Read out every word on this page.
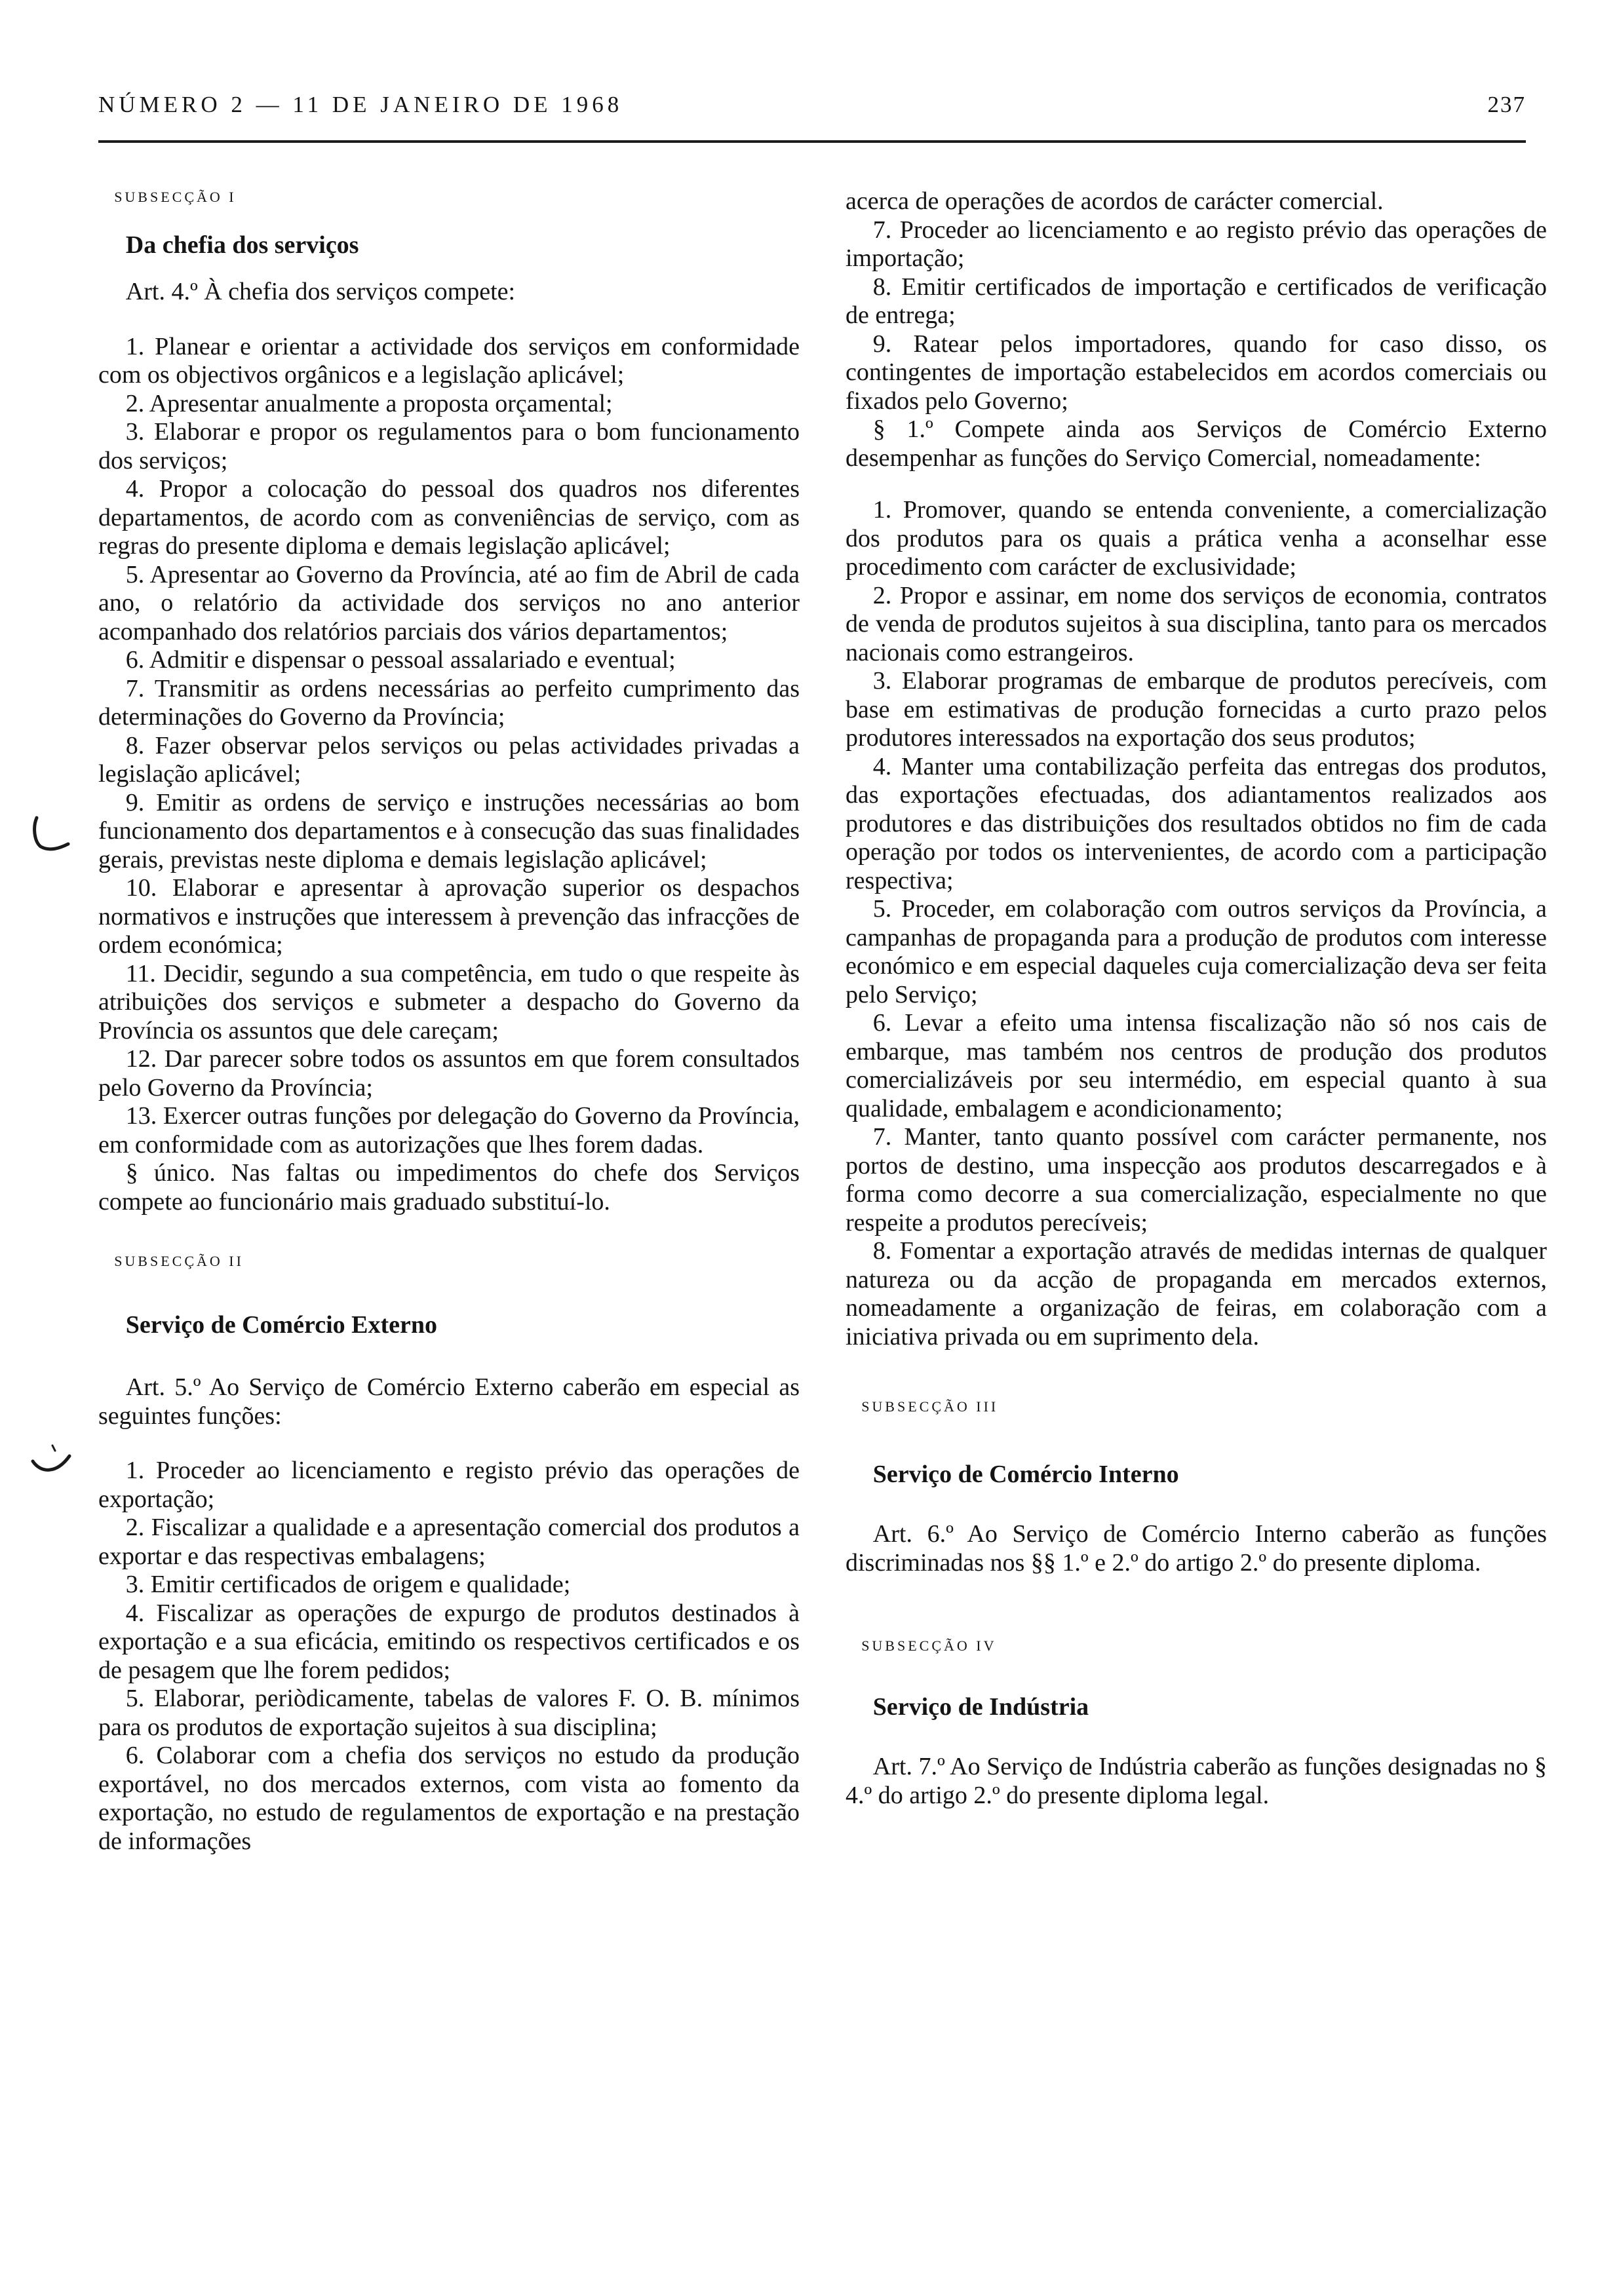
NÚMERO 2 — 11 DE JANEIRO DE 1968	237

SUBSECÇÃO I

Da chefia dos serviços

Art. 4.º À chefia dos serviços compete:

1. Planear e orientar a actividade dos serviços em conformidade com os objectivos orgânicos e a legislação aplicável;

2. Apresentar anualmente a proposta orçamental;

3. Elaborar e propor os regulamentos para o bom funcionamento dos serviços;

4. Propor a colocação do pessoal dos quadros nos diferentes departamentos, de acordo com as conveniências de serviço, com as regras do presente diploma e demais legislação aplicável;

5. Apresentar ao Governo da Província, até ao fim de Abril de cada ano, o relatório da actividade dos serviços no ano anterior acompanhado dos relatórios parciais dos vários departamentos;

6. Admitir e dispensar o pessoal assalariado e eventual;

7. Transmitir as ordens necessárias ao perfeito cumprimento das determinações do Governo da Província;

8. Fazer observar pelos serviços ou pelas actividades privadas a legislação aplicável;

9. Emitir as ordens de serviço e instruções necessárias ao bom funcionamento dos departamentos e à consecução das suas finalidades gerais, previstas neste diploma e demais legislação aplicável;

10. Elaborar e apresentar à aprovação superior os despachos normativos e instruções que interessem à prevenção das infracções de ordem económica;

11. Decidir, segundo a sua competência, em tudo o que respeite às atribuições dos serviços e submeter a despacho do Governo da Província os assuntos que dele careçam;

12. Dar parecer sobre todos os assuntos em que forem consultados pelo Governo da Província;

13. Exercer outras funções por delegação do Governo da Província, em conformidade com as autorizações que lhes forem dadas.

§ único. Nas faltas ou impedimentos do chefe dos Serviços compete ao funcionário mais graduado substituí-lo.

SUBSECÇÃO II

Serviço de Comércio Externo

Art. 5.º Ao Serviço de Comércio Externo caberão em especial as seguintes funções:

1. Proceder ao licenciamento e registo prévio das operações de exportação;

2. Fiscalizar a qualidade e a apresentação comercial dos produtos a exportar e das respectivas embalagens;

3. Emitir certificados de origem e qualidade;

4. Fiscalizar as operações de expurgo de produtos destinados à exportação e a sua eficácia, emitindo os respectivos certificados e os de pesagem que lhe forem pedidos;

5. Elaborar, periòdicamente, tabelas de valores F. O. B. mínimos para os produtos de exportação sujeitos à sua disciplina;

6. Colaborar com a chefia dos serviços no estudo da produção exportável, no dos mercados externos, com vista ao fomento da exportação, no estudo de regulamentos de exportação e na prestação de informações

acerca de operações de acordos de carácter comercial.

7. Proceder ao licenciamento e ao registo prévio das operações de importação;

8. Emitir certificados de importação e certificados de verificação de entrega;

9. Ratear pelos importadores, quando for caso disso, os contingentes de importação estabelecidos em acordos comerciais ou fixados pelo Governo;

§ 1.º Compete ainda aos Serviços de Comércio Externo desempenhar as funções do Serviço Comercial, nomeadamente:

1. Promover, quando se entenda conveniente, a comercialização dos produtos para os quais a prática venha a aconselhar esse procedimento com carácter de exclusividade;

2. Propor e assinar, em nome dos serviços de economia, contratos de venda de produtos sujeitos à sua disciplina, tanto para os mercados nacionais como estrangeiros.

3. Elaborar programas de embarque de produtos perecíveis, com base em estimativas de produção fornecidas a curto prazo pelos produtores interessados na exportação dos seus produtos;

4. Manter uma contabilização perfeita das entregas dos produtos, das exportações efectuadas, dos adiantamentos realizados aos produtores e das distribuições dos resultados obtidos no fim de cada operação por todos os intervenientes, de acordo com a participação respectiva;

5. Proceder, em colaboração com outros serviços da Província, a campanhas de propaganda para a produção de produtos com interesse económico e em especial daqueles cuja comercialização deva ser feita pelo Serviço;

6. Levar a efeito uma intensa fiscalização não só nos cais de embarque, mas também nos centros de produção dos produtos comercializáveis por seu intermédio, em especial quanto à sua qualidade, embalagem e acondicionamento;

7. Manter, tanto quanto possível com carácter permanente, nos portos de destino, uma inspecção aos produtos descarregados e à forma como decorre a sua comercialização, especialmente no que respeite a produtos perecíveis;

8. Fomentar a exportação através de medidas internas de qualquer natureza ou da acção de propaganda em mercados externos, nomeadamente a organização de feiras, em colaboração com a iniciativa privada ou em suprimento dela.

SUBSECÇÃO III

Serviço de Comércio Interno

Art. 6.º Ao Serviço de Comércio Interno caberão as funções discriminadas nos §§ 1.º e 2.º do artigo 2.º do presente diploma.

SUBSECÇÃO IV

Serviço de Indústria

Art. 7.º Ao Serviço de Indústria caberão as funções designadas no § 4.º do artigo 2.º do presente diploma legal.
